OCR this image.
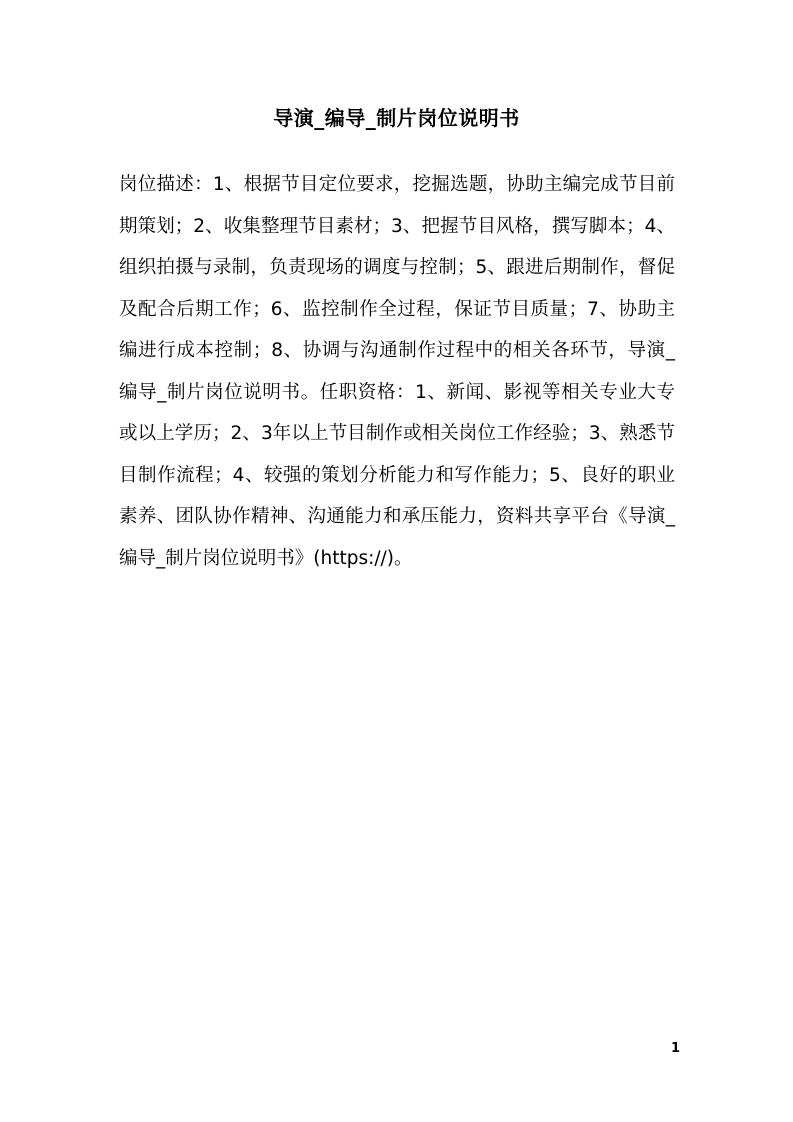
导演_编导_制片岗位说明书

岗位描述：1、根据节目定位要求，挖掘选题，协助主编完成节目前期策划；2、收集整理节目素材；3、把握节目风格，撰写脚本；4、组织拍摄与录制，负责现场的调度与控制；5、跟进后期制作，督促及配合后期工作；6、监控制作全过程，保证节目质量；7、协助主编进行成本控制；8、协调与沟通制作过程中的相关各环节，导演_编导_制片岗位说明书。任职资格：1、新闻、影视等相关专业大专或以上学历；2、3年以上节目制作或相关岗位工作经验；3、熟悉节目制作流程；4、较强的策划分析能力和写作能力；5、良好的职业素养、团队协作精神、沟通能力和承压能力，资料共享平台《导演_编导_制片岗位说明书》(https://)。

1
